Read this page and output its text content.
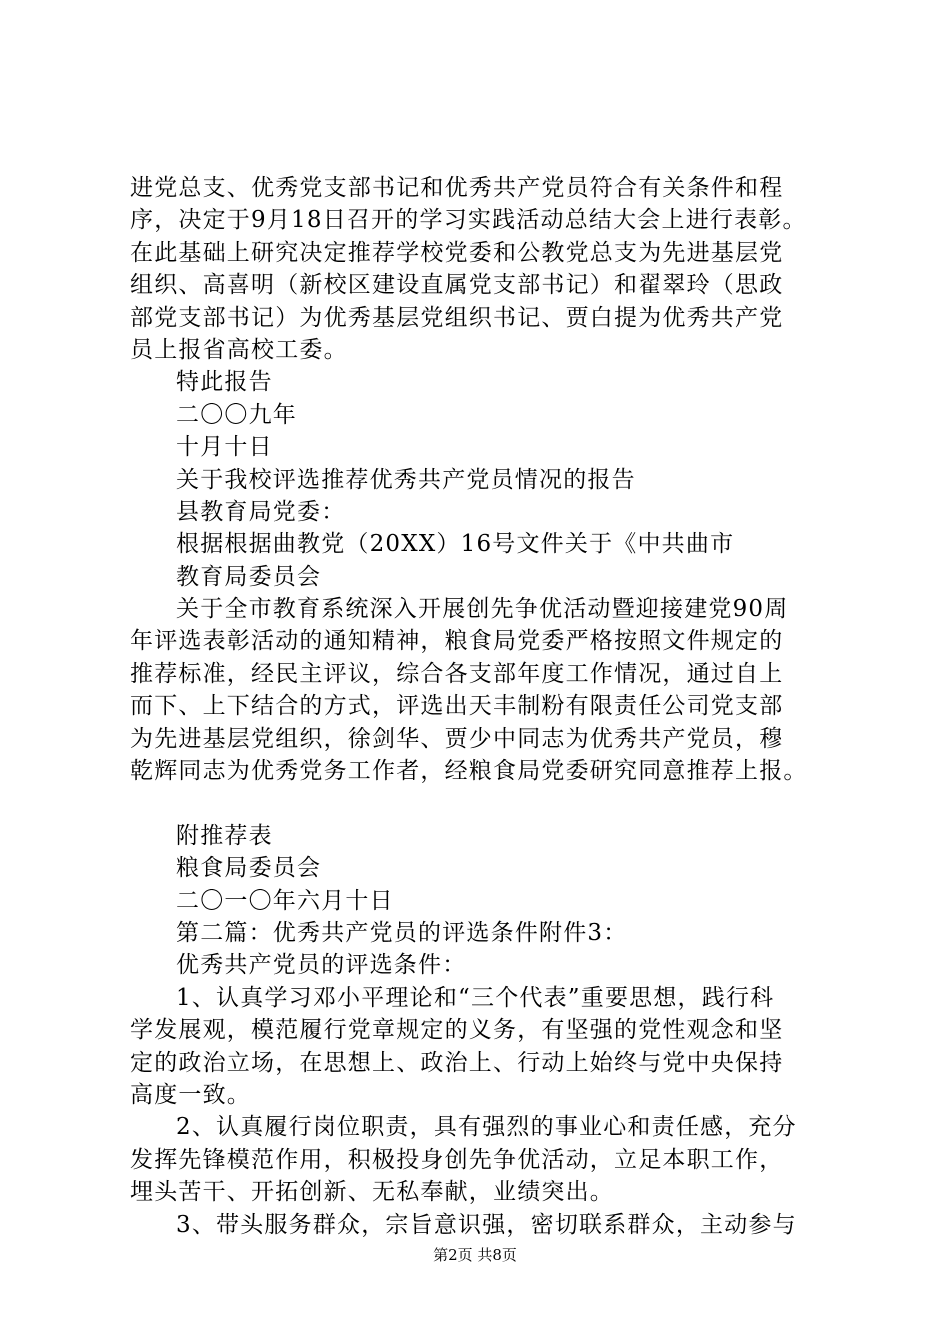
进党总支、优秀党支部书记和优秀共产党员符合有关条件和程
序，决定于9月18日召开的学习实践活动总结大会上进行表彰。
在此基础上研究决定推荐学校党委和公教党总支为先进基层党
组织、高喜明（新校区建设直属党支部书记）和翟翠玲（思政
部党支部书记）为优秀基层党组织书记、贾白提为优秀共产党
员上报省高校工委。
特此报告
二〇〇九年
十月十日
关于我校评选推荐优秀共产党员情况的报告
县教育局党委：
根据根据曲教党（20XX）16号文件关于《中共曲市
教育局委员会
关于全市教育系统深入开展创先争优活动暨迎接建党90周
年评选表彰活动的通知精神，粮食局党委严格按照文件规定的
推荐标准，经民主评议，综合各支部年度工作情况，通过自上
而下、上下结合的方式，评选出天丰制粉有限责任公司党支部
为先进基层党组织，徐剑华、贾少中同志为优秀共产党员，穆
乾辉同志为优秀党务工作者，经粮食局党委研究同意推荐上报。
附推荐表
粮食局委员会
二〇一〇年六月十日
第二篇：优秀共产党员的评选条件附件3：
优秀共产党员的评选条件：
1、认真学习邓小平理论和“三个代表”重要思想，践行科
学发展观，模范履行党章规定的义务，有坚强的党性观念和坚
定的政治立场，在思想上、政治上、行动上始终与党中央保持
高度一致。
2、认真履行岗位职责，具有强烈的事业心和责任感，充分
发挥先锋模范作用，积极投身创先争优活动，立足本职工作，
埋头苦干、开拓创新、无私奉献，业绩突出。
3、带头服务群众，宗旨意识强，密切联系群众，主动参与
第2页 共8页
